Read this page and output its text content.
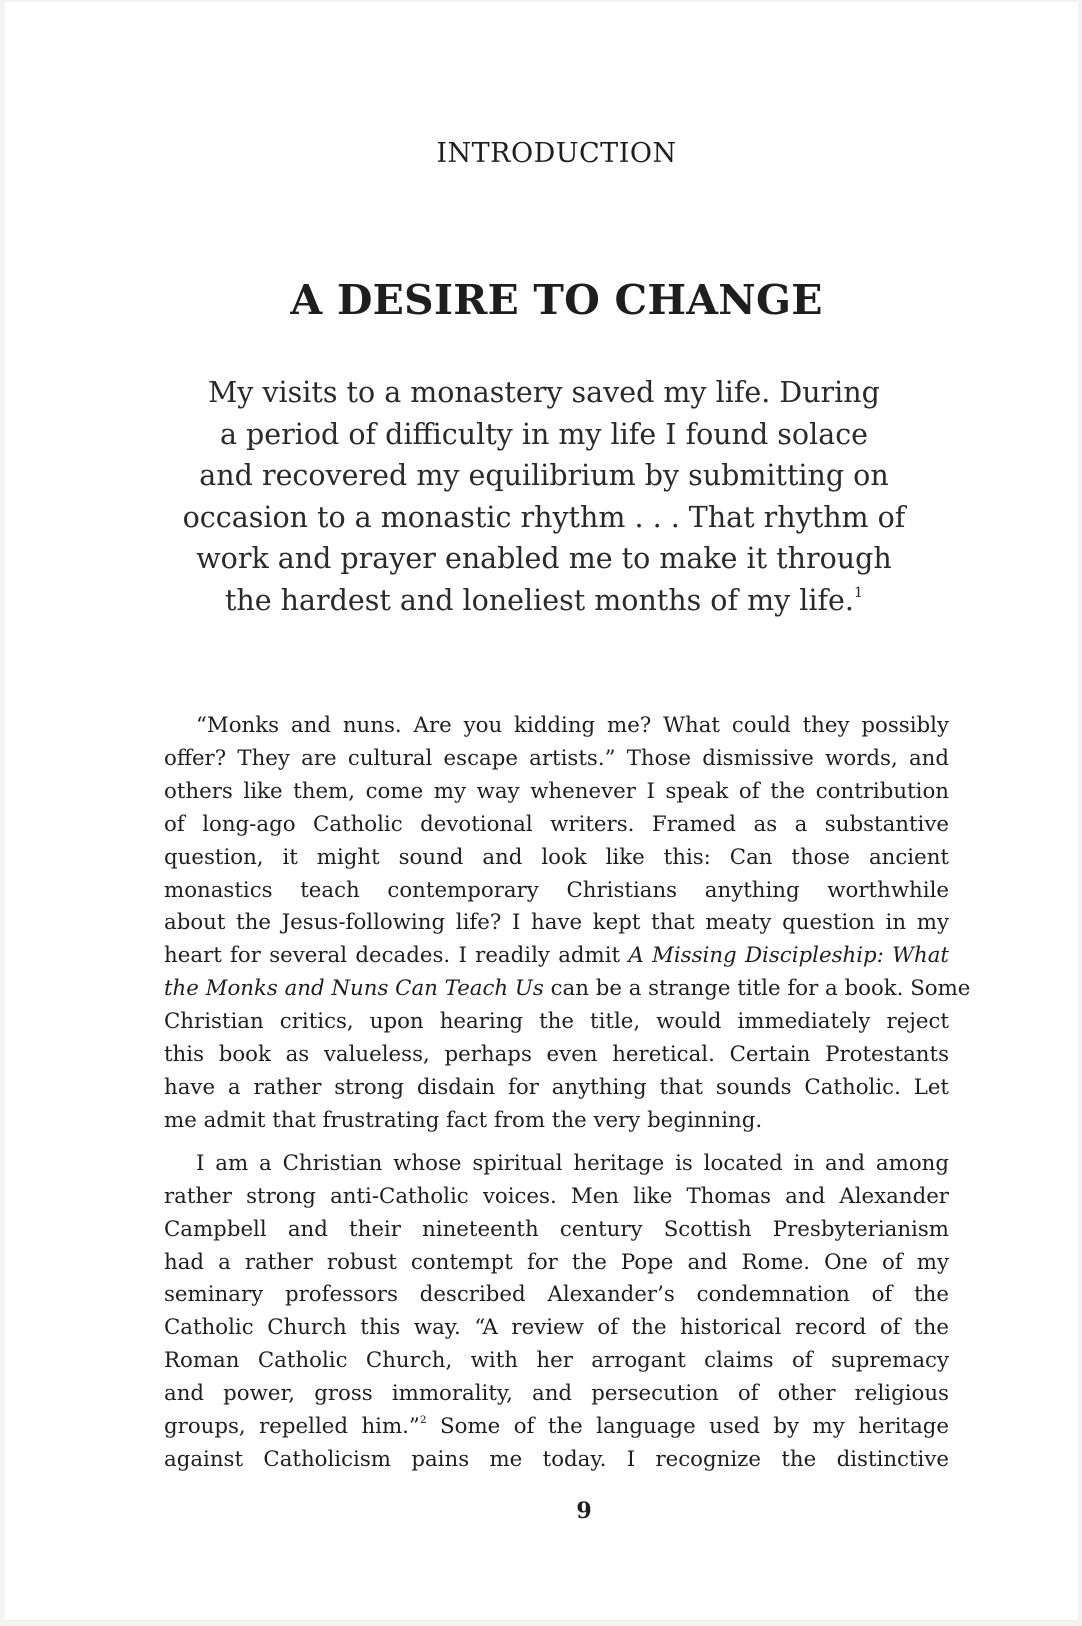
INTRODUCTION
A DESIRE TO CHANGE
My visits to a monastery saved my life. During
a period of difficulty in my life I found solace
and recovered my equilibrium by submitting on
occasion to a monastic rhythm . . . That rhythm of
work and prayer enabled me to make it through
the hardest and loneliest months of my life.$^1$
“Monks and nuns. Are you kidding me? What could they possibly
offer? They are cultural escape artists.” Those dismissive words, and
others like them, come my way whenever I speak of the contribution
of long-ago Catholic devotional writers. Framed as a substantive
question, it might sound and look like this: Can those ancient
monastics teach contemporary Christians anything worthwhile
about the Jesus-following life? I have kept that meaty question in my
heart for several decades. I readily admit A Missing Discipleship: What
the Monks and Nuns Can Teach Us can be a strange title for a book. Some
Christian critics, upon hearing the title, would immediately reject
this book as valueless, perhaps even heretical. Certain Protestants
have a rather strong disdain for anything that sounds Catholic. Let
me admit that frustrating fact from the very beginning.
I am a Christian whose spiritual heritage is located in and among
rather strong anti-Catholic voices. Men like Thomas and Alexander
Campbell and their nineteenth century Scottish Presbyterianism
had a rather robust contempt for the Pope and Rome. One of my
seminary professors described Alexander’s condemnation of the
Catholic Church this way. “A review of the historical record of the
Roman Catholic Church, with her arrogant claims of supremacy
and power, gross immorality, and persecution of other religious
groups, repelled him.”$^2$ Some of the language used by my heritage
against Catholicism pains me today. I recognize the distinctive
9
